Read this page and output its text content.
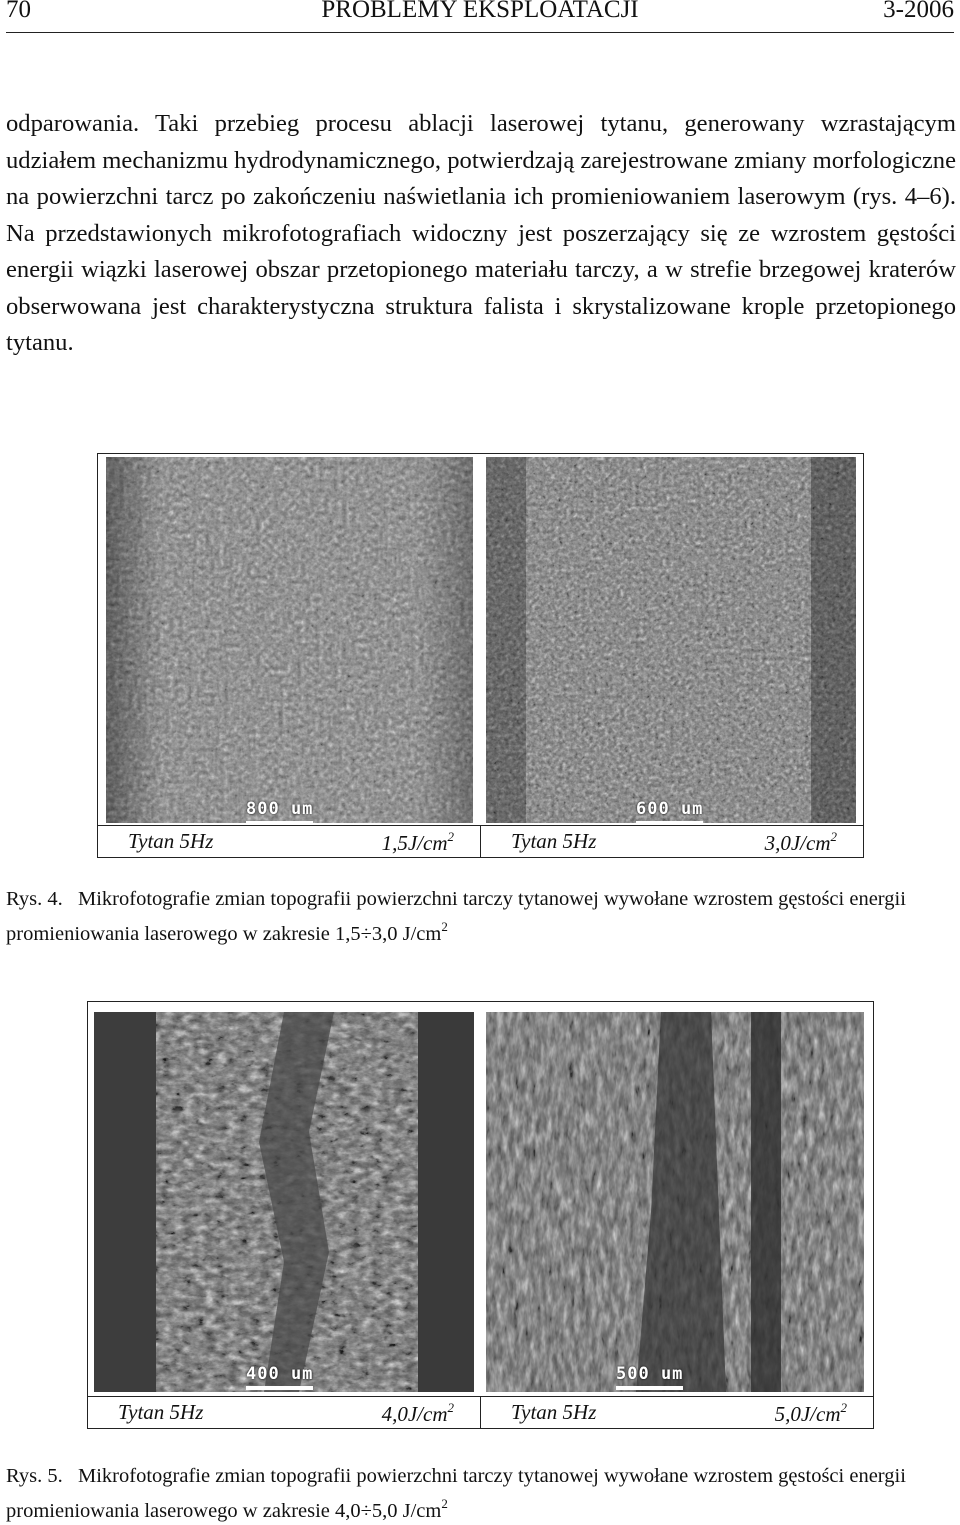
70	PROBLEMY EKSPLOATACJI	3-2006

odparowania. Taki przebieg procesu ablacji laserowej tytanu, generowany wzrastającym udziałem mechanizmu hydrodynamicznego, potwierdzają zarejestrowane zmiany morfologiczne na powierzchni tarcz po zakończeniu naświetlania ich promieniowaniem laserowym (rys. 4–6). Na przedstawionych mikrofotografiach widoczny jest poszerzający się ze wzrostem gęstości energii wiązki laserowej obszar przetopionego materiału tarczy, a w strefie brzegowej kraterów obserwowana jest charakterystyczna struktura falista i skrystalizowane krople przetopionego tytanu.

800 um	600 um
Tytan 5Hz	$1,5J/cm^2$	Tytan 5Hz	$3,0J/cm^2$

Rys. 4. Mikrofotografie zmian topografii powierzchni tarczy tytanowej wywołane wzrostem gęstości energii promieniowania laserowego w zakresie 1,5÷3,0 $J/cm^2$

400 um	500 um
Tytan 5Hz	$4,0J/cm^2$	Tytan 5Hz	$5,0J/cm^2$

Rys. 5. Mikrofotografie zmian topografii powierzchni tarczy tytanowej wywołane wzrostem gęstości energii promieniowania laserowego w zakresie 4,0÷5,0 $J/cm^2$
